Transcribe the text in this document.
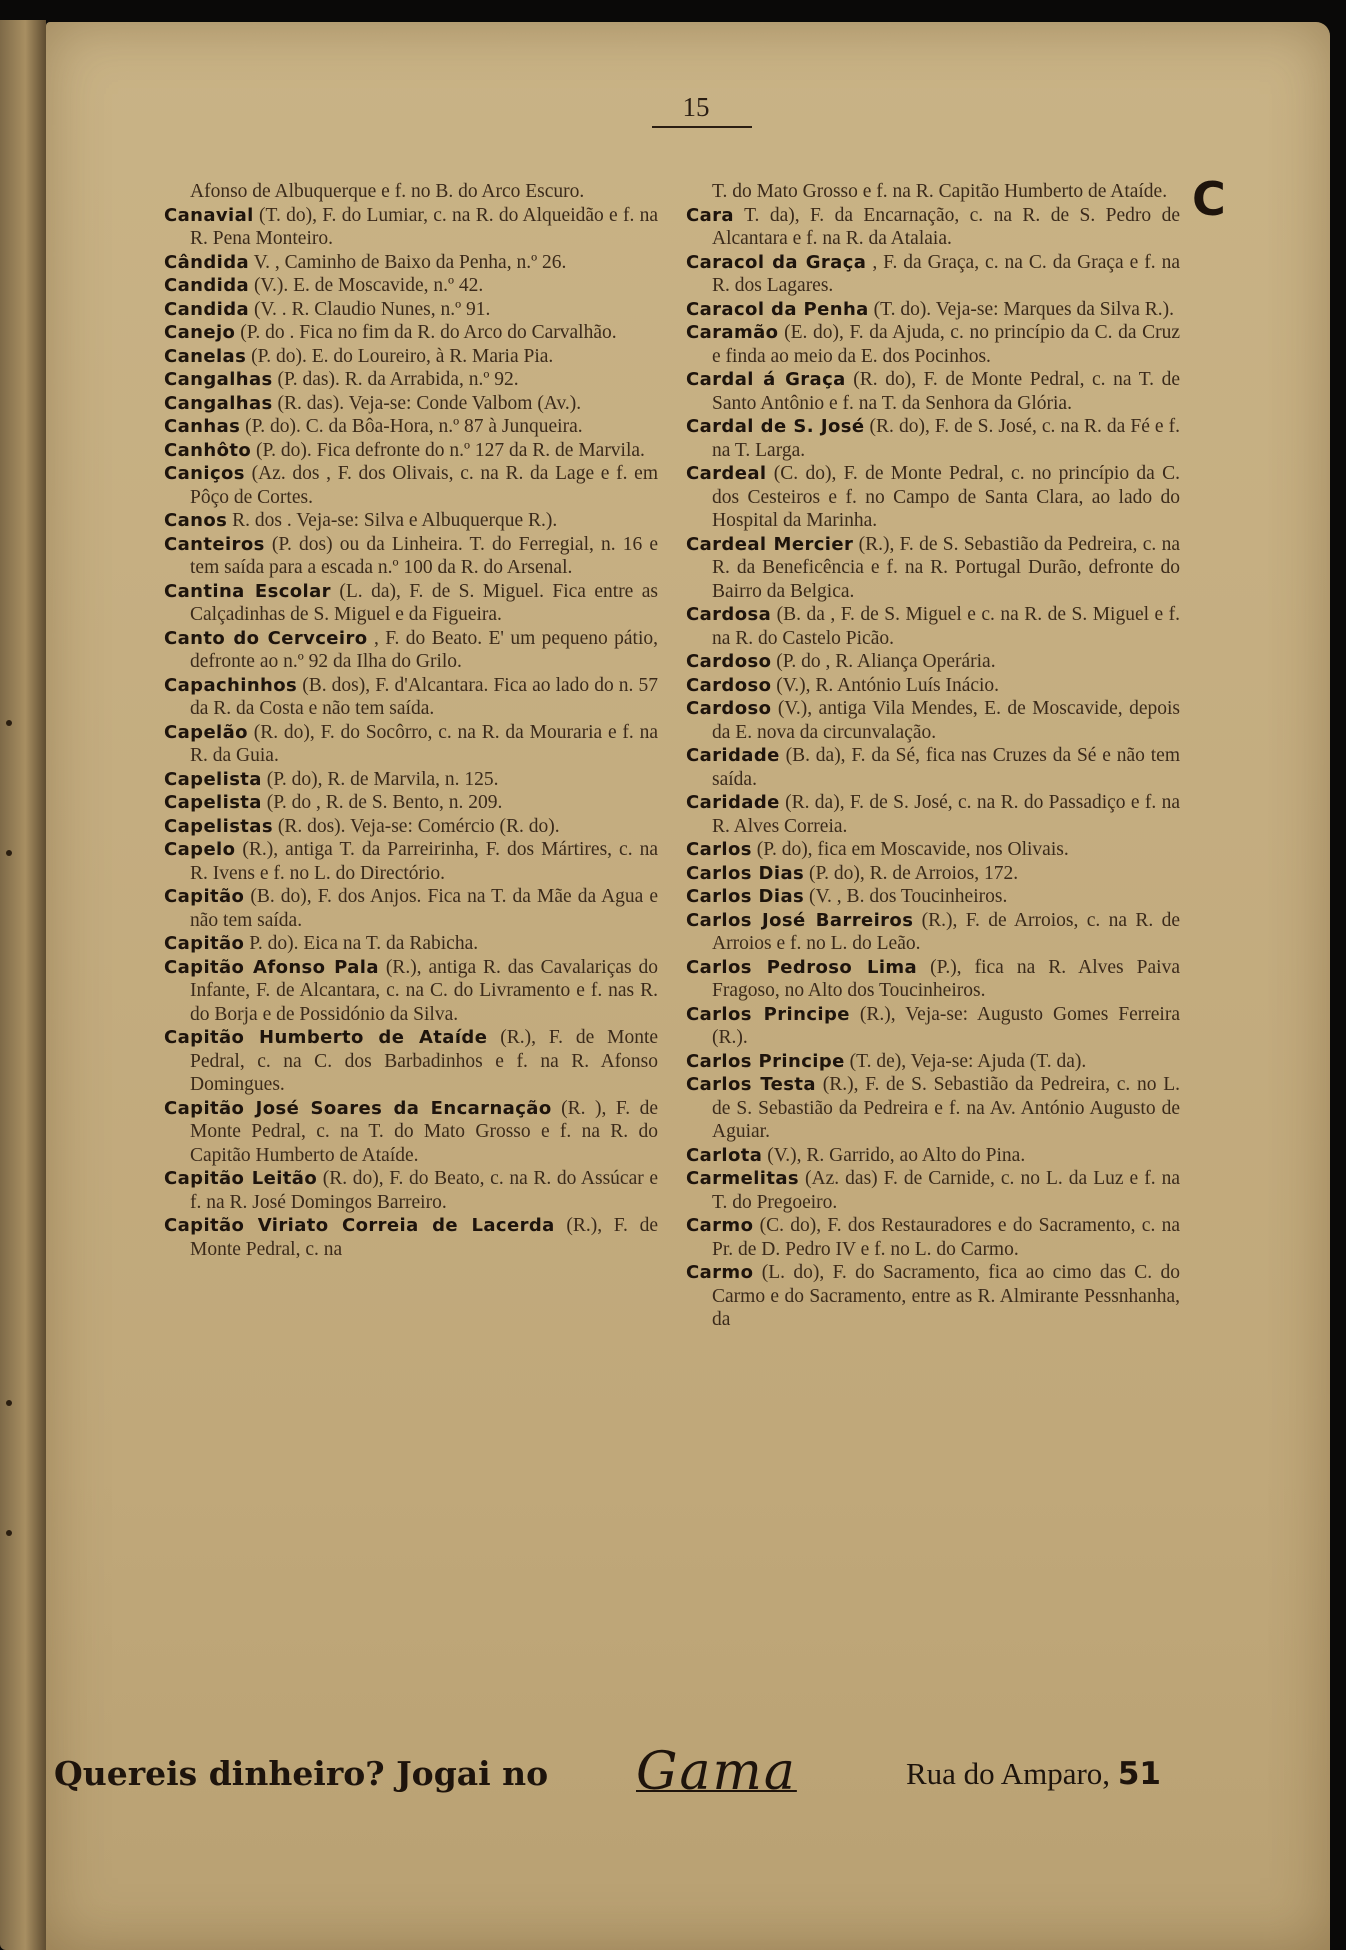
15
C

Afonso de Albuquerque e f. no B. do Arco Escuro.

Canavial (T. do), F. do Lumiar, c. na R. do Alqueidão e f. na R. Pena Monteiro.

Cândida V. , Caminho de Baixo da Penha, n.º 26.

Candida (V.). E. de Moscavide, n.º 42.

Candida (V. . R. Claudio Nunes, n.º 91.

Canejo (P. do . Fica no fim da R. do Arco do Carvalhão.

Canelas (P. do). E. do Loureiro, à R. Maria Pia.

Cangalhas (P. das). R. da Arrabida, n.º 92.

Cangalhas (R. das). Veja-se: Conde Valbom (Av.).

Canhas (P. do). C. da Bôa-Hora, n.º 87 à Junqueira.

Canhôto (P. do). Fica defronte do n.º 127 da R. de Marvila.

Caniços (Az. dos , F. dos Olivais, c. na R. da Lage e f. em Pôço de Cortes.

Canos R. dos . Veja-se: Silva e Albuquerque R.).

Canteiros (P. dos) ou da Linheira. T. do Ferregial, n. 16 e tem saída para a escada n.º 100 da R. do Arsenal.

Cantina Escolar (L. da), F. de S. Miguel. Fica entre as Calçadinhas de S. Miguel e da Figueira.

Canto do Cervceiro , F. do Beato. E' um pequeno pátio, defronte ao n.º 92 da Ilha do Grilo.

Capachinhos (B. dos), F. d'Alcantara. Fica ao lado do n. 57 da R. da Costa e não tem saída.

Capelão (R. do), F. do Socôrro, c. na R. da Mouraria e f. na R. da Guia.

Capelista (P. do), R. de Marvila, n. 125.

Capelista (P. do , R. de S. Bento, n. 209.

Capelistas (R. dos). Veja-se: Comércio (R. do).

Capelo (R.), antiga T. da Parreirinha, F. dos Mártires, c. na R. Ivens e f. no L. do Directório.

Capitão (B. do), F. dos Anjos. Fica na T. da Mãe da Agua e não tem saída.

Capitão P. do). Eica na T. da Rabicha.

Capitão Afonso Pala (R.), antiga R. das Cavalariças do Infante, F. de Alcantara, c. na C. do Livramento e f. nas R. do Borja e de Possidónio da Silva.

Capitão Humberto de Ataíde (R.), F. de Monte Pedral, c. na C. dos Barbadinhos e f. na R. Afonso Domingues.

Capitão José Soares da Encarnação (R. ), F. de Monte Pedral, c. na T. do Mato Grosso e f. na R. do Capitão Humberto de Ataíde.

Capitão Leitão (R. do), F. do Beato, c. na R. do Assúcar e f. na R. José Domingos Barreiro.

Capitão Viriato Correia de Lacerda (R.), F. de Monte Pedral, c. na

T. do Mato Grosso e f. na R. Capitão Humberto de Ataíde.

Cara T. da), F. da Encarnação, c. na R. de S. Pedro de Alcantara e f. na R. da Atalaia.

Caracol da Graça , F. da Graça, c. na C. da Graça e f. na R. dos Lagares.

Caracol da Penha (T. do). Veja-se: Marques da Silva R.).

Caramão (E. do), F. da Ajuda, c. no princípio da C. da Cruz e finda ao meio da E. dos Pocinhos.

Cardal á Graça (R. do), F. de Monte Pedral, c. na T. de Santo Antônio e f. na T. da Senhora da Glória.

Cardal de S. José (R. do), F. de S. José, c. na R. da Fé e f. na T. Larga.

Cardeal (C. do), F. de Monte Pedral, c. no princípio da C. dos Cesteiros e f. no Campo de Santa Clara, ao lado do Hospital da Marinha.

Cardeal Mercier (R.), F. de S. Sebastião da Pedreira, c. na R. da Beneficência e f. na R. Portugal Durão, defronte do Bairro da Belgica.

Cardosa (B. da , F. de S. Miguel e c. na R. de S. Miguel e f. na R. do Castelo Picão.

Cardoso (P. do , R. Aliança Operária.

Cardoso (V.), R. António Luís Inácio.

Cardoso (V.), antiga Vila Mendes, E. de Moscavide, depois da E. nova da circunvalação.

Caridade (B. da), F. da Sé, fica nas Cruzes da Sé e não tem saída.

Caridade (R. da), F. de S. José, c. na R. do Passadiço e f. na R. Alves Correia.

Carlos (P. do), fica em Moscavide, nos Olivais.

Carlos Dias (P. do), R. de Arroios, 172.

Carlos Dias (V. , B. dos Toucinheiros.

Carlos José Barreiros (R.), F. de Arroios, c. na R. de Arroios e f. no L. do Leão.

Carlos Pedroso Lima (P.), fica na R. Alves Paiva Fragoso, no Alto dos Toucinheiros.

Carlos Principe (R.), Veja-se: Augusto Gomes Ferreira (R.).

Carlos Principe (T. de), Veja-se: Ajuda (T. da).

Carlos Testa (R.), F. de S. Sebastião da Pedreira, c. no L. de S. Sebastião da Pedreira e f. na Av. António Augusto de Aguiar.

Carlota (V.), R. Garrido, ao Alto do Pina.

Carmelitas (Az. das) F. de Carnide, c. no L. da Luz e f. na T. do Pregoeiro.

Carmo (C. do), F. dos Restauradores e do Sacramento, c. na Pr. de D. Pedro IV e f. no L. do Carmo.

Carmo (L. do), F. do Sacramento, fica ao cimo das C. do Carmo e do Sacramento, entre as R. Almirante Pessnhanha, da

Quereis dinheiro? Jogai no Gama	Rua do Amparo, 51
